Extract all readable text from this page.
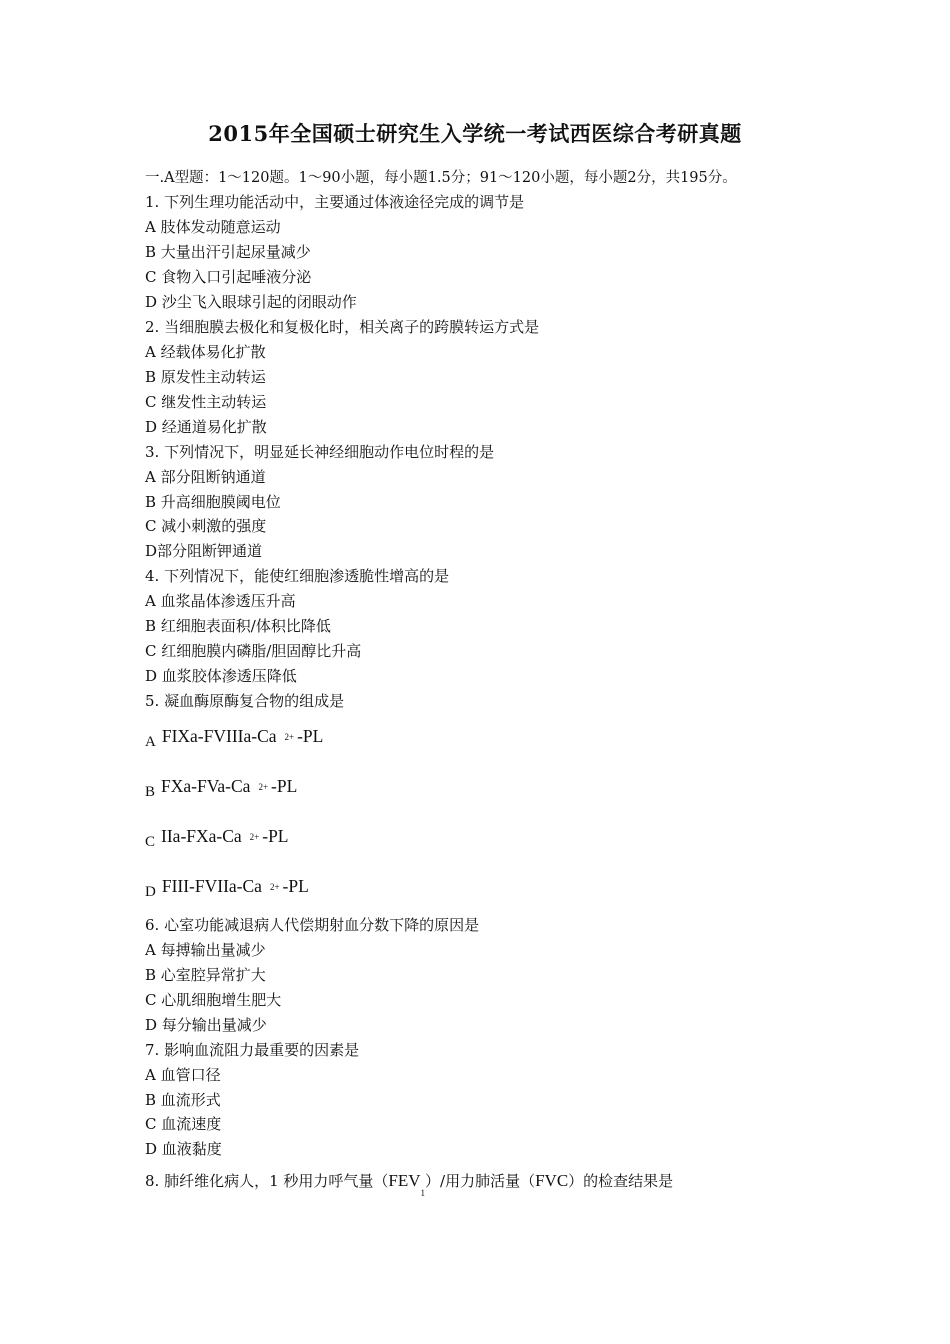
2015年全国硕士研究生入学统一考试西医综合考研真题
一.A型题：1～120题。1～90小题，每小题1.5分；91～120小题，每小题2分，共195分。
1. 下列生理功能活动中，主要通过体液途径完成的调节是
A 肢体发动随意运动
B 大量出汗引起尿量减少
C 食物入口引起唾液分泌
D 沙尘飞入眼球引起的闭眼动作
2. 当细胞膜去极化和复极化时，相关离子的跨膜转运方式是
A 经载体易化扩散
B 原发性主动转运
C 继发性主动转运
D 经通道易化扩散
3. 下列情况下，明显延长神经细胞动作电位时程的是
A 部分阻断钠通道
B 升高细胞膜阈电位
C 减小刺激的强度
D部分阻断钾通道
4. 下列情况下，能使红细胞渗透脆性增高的是
A 血浆晶体渗透压升高
B 红细胞表面积/体积比降低
C 红细胞膜内磷脂/胆固醇比升高
D 血浆胶体渗透压降低
5. 凝血酶原酶复合物的组成是
A FIXa-FVIIIa-Ca 2+ -PL
B FXa-FVa-Ca 2+ -PL
C IIa-FXa-Ca 2+ -PL
D FIII-FVIIa-Ca 2+ -PL
6. 心室功能减退病人代偿期射血分数下降的原因是
A 每搏输出量减少
B 心室腔异常扩大
C 心肌细胞增生肥大
D 每分输出量减少
7. 影响血流阻力最重要的因素是
A 血管口径
B 血流形式
C 血流速度
D 血液黏度
8. 肺纤维化病人，1 秒用力呼气量$(FEV_1)/$用力肺活量（FVC）的检查结果是
